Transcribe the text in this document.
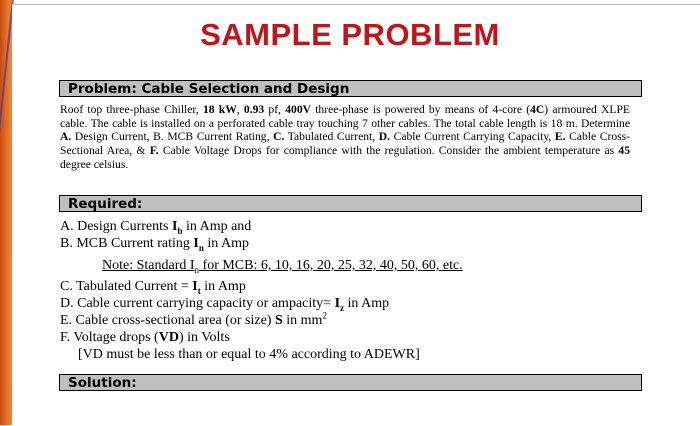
SAMPLE PROBLEM
Problem: Cable Selection and Design

Roof top three-phase Chiller, 18 kW, 0.93 pf, 400V three-phase is powered by means of 4-core (4C) armoured XLPE cable. The cable is installed on a perforated cable tray touching 7 other cables. The total cable length is 18 m. Determine A. Design Current, B. MCB Current Rating, C. Tabulated Current, D. Cable Current Carrying Capacity, E. Cable Cross-Sectional Area, & F. Cable Voltage Drops for compliance with the regulation. Consider the ambient temperature as 45 degree celsius.

Required:

A. Design Currents $I_b$ in Amp and

B. MCB Current rating $I_n$ in Amp

Note: Standard $I_n$ for MCB: 6, 10, 16, 20, 25, 32, 40, 50, 60, etc.

C. Tabulated Current = $I_t$ in Amp

D. Cable current carrying capacity or ampacity= $I_z$ in Amp

E. Cable cross-sectional area (or size) S in $mm^2$

F. Voltage drops (VD) in Volts

[VD must be less than or equal to 4% according to ADEWR]

Solution:
